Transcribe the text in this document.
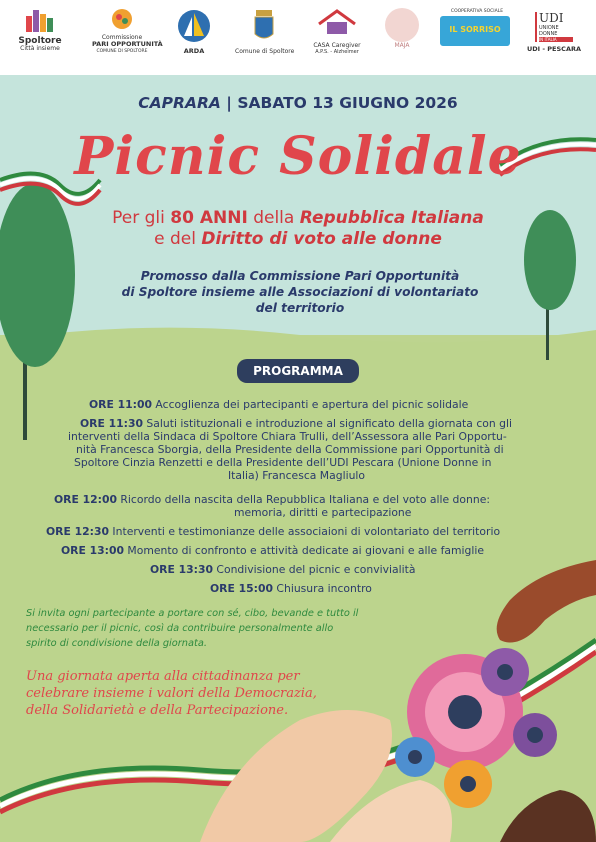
Spoltore
Città insieme
Commissione
PARI OPPORTUNITÀ
COMUNE DI SPOLTORE	ARDA	Comune di Spoltore
CASA Caregiver
A.P.S. - Alzheimer
MAJA
COOPERATIVA SOCIALE
IL SORRISO
UDI
UNIONE
DONNE
IN ITALIA
UDI - PESCARA
CAPRARA | SABATO 13 GIUGNO 2026
Picnic Solidale
Per gli 80 ANNI della Repubblica Italiana
e del Diritto di voto alle donne
Promosso dalla Commissione Pari Opportunità
di Spoltore insieme alle Associazioni di volontariato
del territorio
PROGRAMMA
ORE 11:00 Accoglienza dei partecipanti e apertura del picnic solidale
ORE 11:30 Saluti istituzionali e introduzione al significato della giornata con gli
interventi della Sindaca di Spoltore Chiara Trulli, dell’Assessora alle Pari Opportu-
nità Francesca Sborgia, della Presidente della Commissione pari Opportunità di
Spoltore Cinzia Renzetti e della Presidente dell’UDI Pescara (Unione Donne in
Italia) Francesca Magliulo
ORE 12:00 Ricordo della nascita della Repubblica Italiana e del voto alle donne:
memoria, diritti e partecipazione
ORE 12:30 Interventi e testimonianze delle associaioni di volontariato del territorio
ORE 13:00 Momento di confronto e attività dedicate ai giovani e alle famiglie
ORE 13:30 Condivisione del picnic e convivialità
ORE 15:00 Chiusura incontro
Si invita ogni partecipante a portare con sé, cibo, bevande e tutto il
necessario per il picnic, così da contribuire personalmente allo
spirito di condivisione della giornata.
Una giornata aperta alla cittadinanza per
celebrare insieme i valori della Democrazia,
della Solidarietà e della Partecipazione.
